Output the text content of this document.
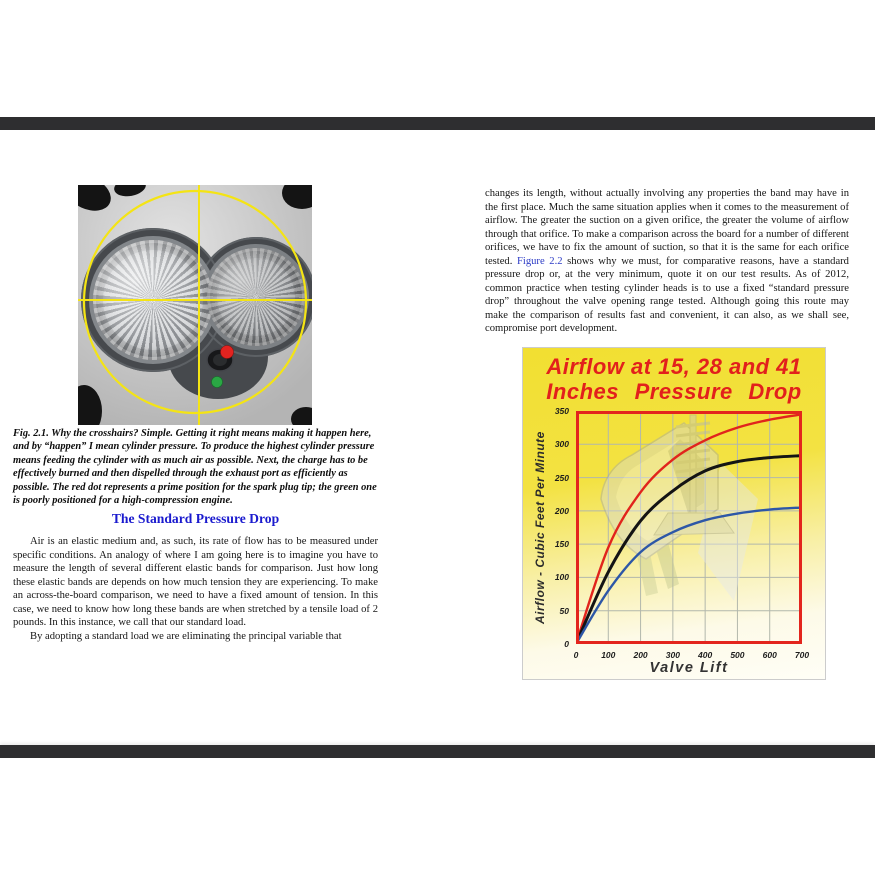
Fig. 2.1. Why the crosshairs? Simple. Getting it right means making it happen here, and by “happen” I mean cylinder pressure. To produce the highest cylinder pressure means feeding the cylinder with as much air as possible. Next, the charge has to be effectively burned and then dispelled through the exhaust port as efficiently as possible. The red dot represents a prime position for the spark plug tip; the green one is poorly positioned for a high-compression engine.

The Standard Pressure Drop

Air is an elastic medium and, as such, its rate of flow has to be measured under specific conditions. An analogy of where I am going here is to imagine you have to measure the length of several different elastic bands for comparison. Just how long these elastic bands are depends on how much tension they are experiencing. To make an across-the-board comparison, we need to have a fixed amount of tension. In this case, we need to know how long these bands are when stretched by a tensile load of 2 pounds. In this instance, we call that our standard load.

By adopting a standard load we are eliminating the principal variable that

changes its length, without actually involving any properties the band may have in the first place. Much the same situation applies when it comes to the measurement of airflow. The greater the suction on a given orifice, the greater the volume of airflow through that orifice. To make a comparison across the board for a number of different orifices, we have to fix the amount of suction, so that it is the same for each orifice tested. Figure 2.2 shows why we must, for comparative reasons, have a standard pressure drop or, at the very minimum, quote it on our test results. As of 2012, common practice when testing cylinder heads is to use a fixed “standard pressure drop” throughout the valve opening range tested. Although going this route may make the comparison of results fast and convenient, it can also, as we shall see, compromise port development.

Airflow at 15, 28 and 41
Inches Pressure Drop
Airflow - Cubic Feet Per Minute
0
50
100
150
200
250
300
350
0	100 200 300 400 500 600 700
Valve Lift
